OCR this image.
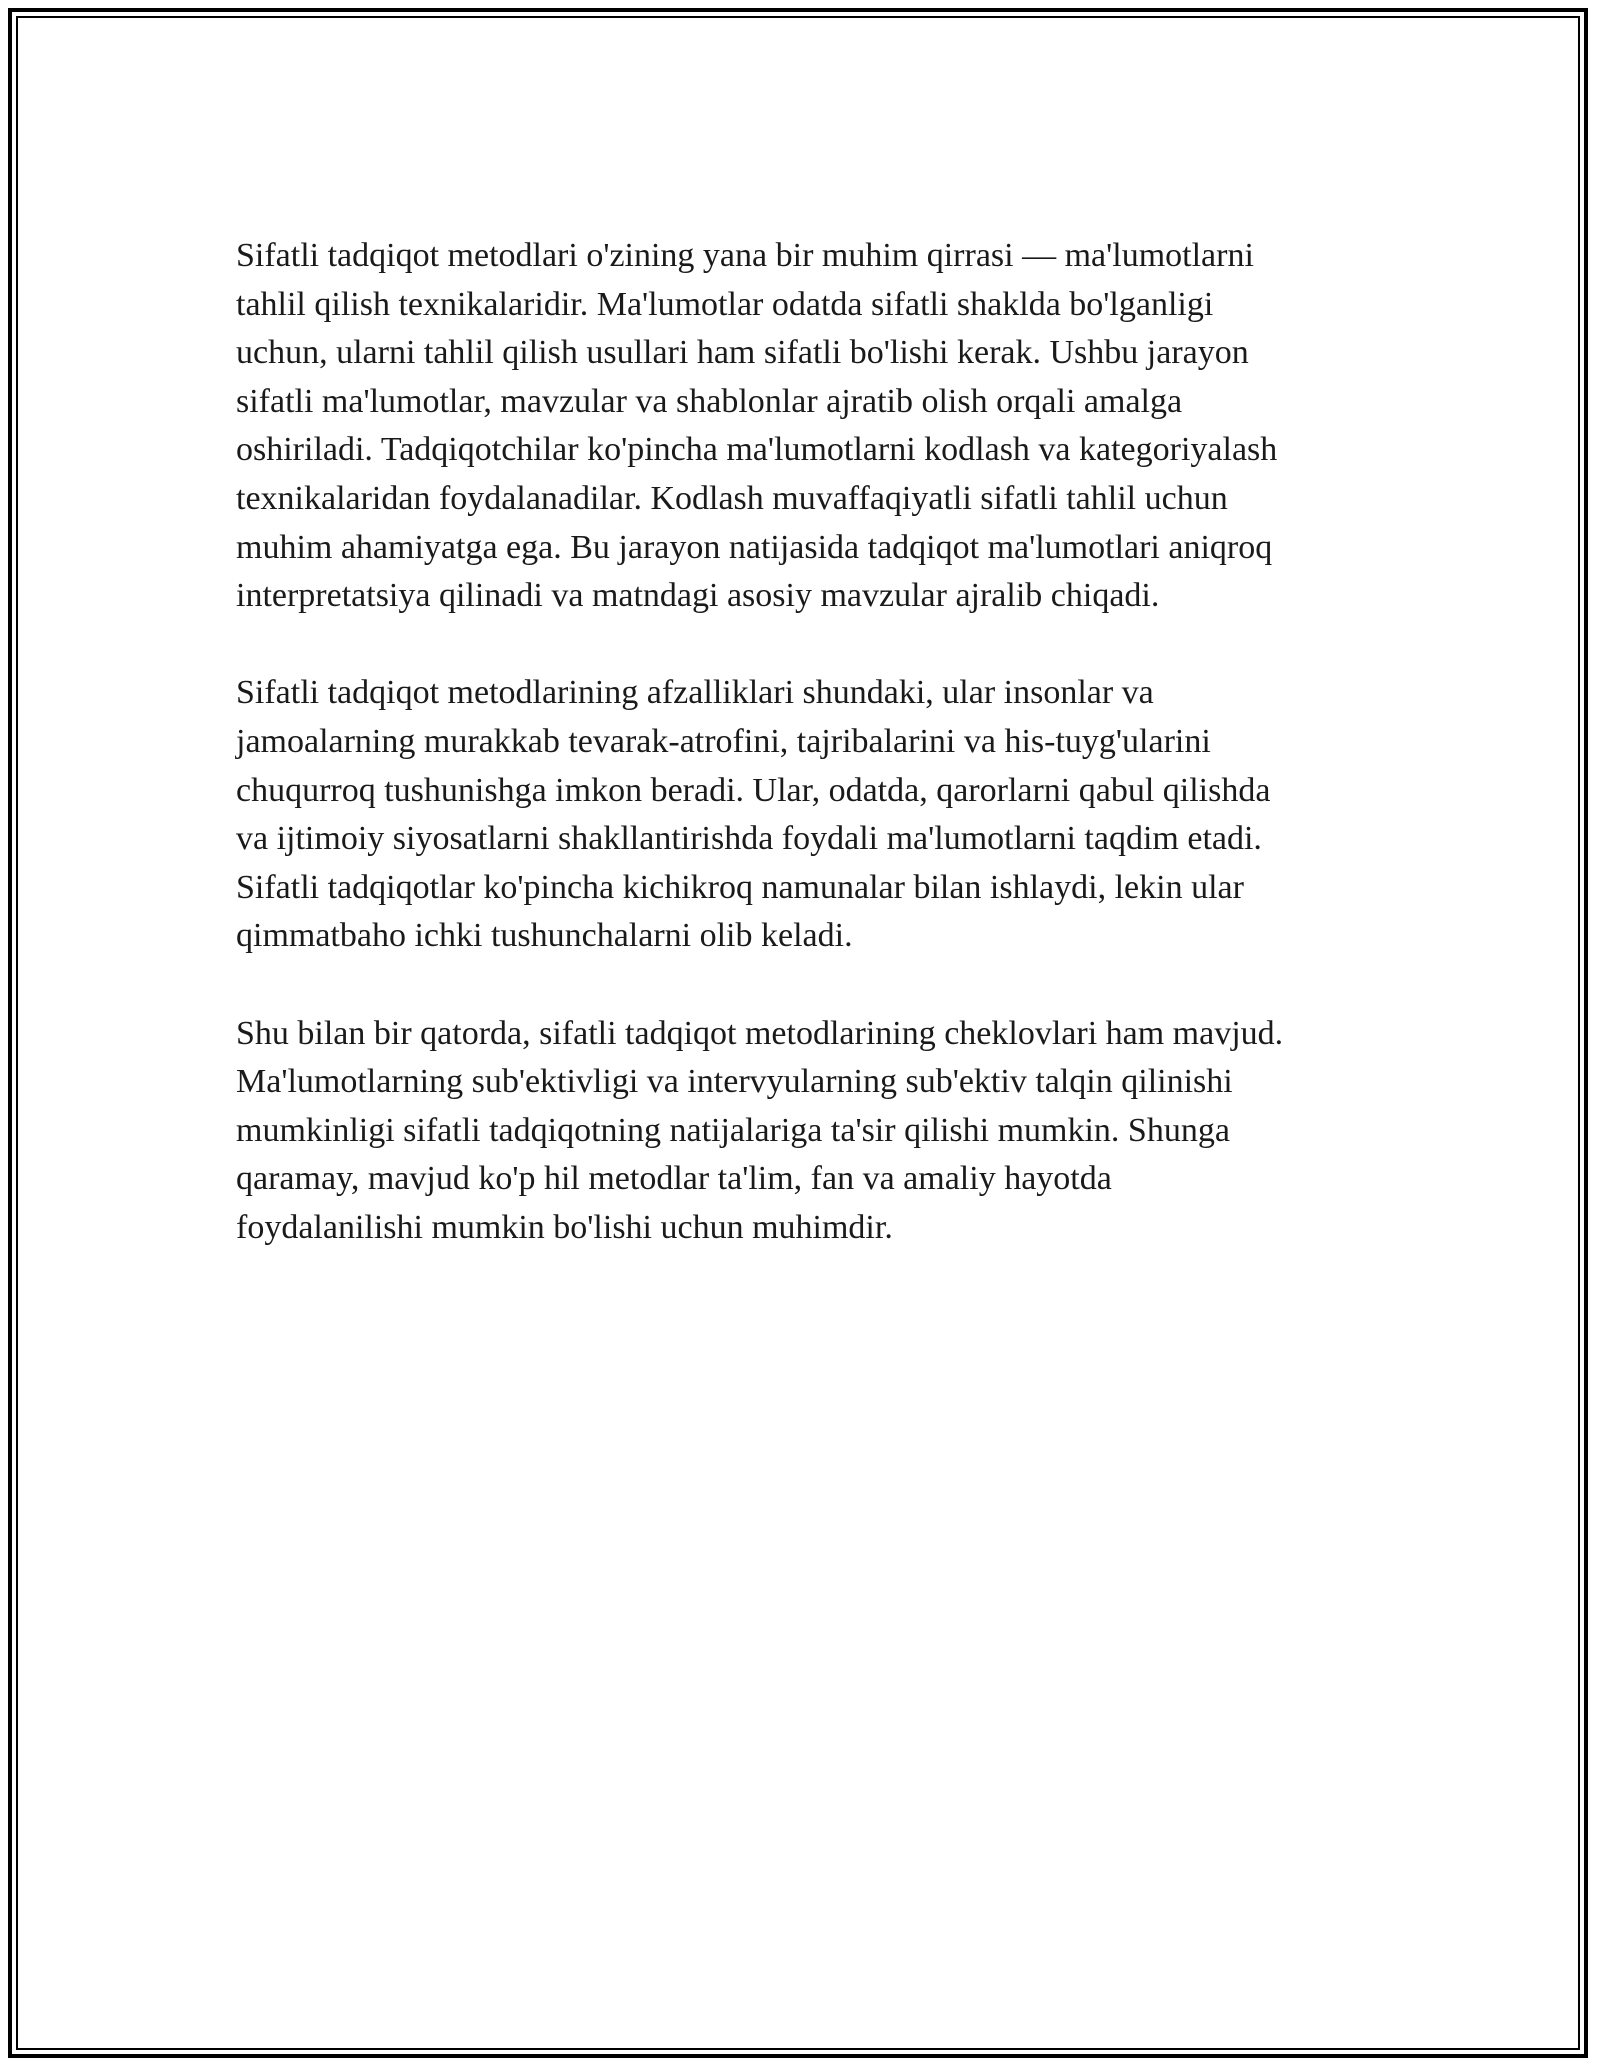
Sifatli tadqiqot metodlari o'zining yana bir muhim qirrasi — ma'lumotlarni
tahlil qilish texnikalaridir. Ma'lumotlar odatda sifatli shaklda bo'lganligi
uchun, ularni tahlil qilish usullari ham sifatli bo'lishi kerak. Ushbu jarayon
sifatli ma'lumotlar, mavzular va shablonlar ajratib olish orqali amalga
oshiriladi. Tadqiqotchilar ko'pincha ma'lumotlarni kodlash va kategoriyalash
texnikalaridan foydalanadilar. Kodlash muvaffaqiyatli sifatli tahlil uchun
muhim ahamiyatga ega. Bu jarayon natijasida tadqiqot ma'lumotlari aniqroq
interpretatsiya qilinadi va matndagi asosiy mavzular ajralib chiqadi.

Sifatli tadqiqot metodlarining afzalliklari shundaki, ular insonlar va
jamoalarning murakkab tevarak-atrofini, tajribalarini va his-tuyg'ularini
chuqurroq tushunishga imkon beradi. Ular, odatda, qarorlarni qabul qilishda
va ijtimoiy siyosatlarni shakllantirishda foydali ma'lumotlarni taqdim etadi.
Sifatli tadqiqotlar ko'pincha kichikroq namunalar bilan ishlaydi, lekin ular
qimmatbaho ichki tushunchalarni olib keladi.

Shu bilan bir qatorda, sifatli tadqiqot metodlarining cheklovlari ham mavjud.
Ma'lumotlarning sub'ektivligi va intervyularning sub'ektiv talqin qilinishi
mumkinligi sifatli tadqiqotning natijalariga ta'sir qilishi mumkin. Shunga
qaramay, mavjud ko'p hil metodlar ta'lim, fan va amaliy hayotda
foydalanilishi mumkin bo'lishi uchun muhimdir.
